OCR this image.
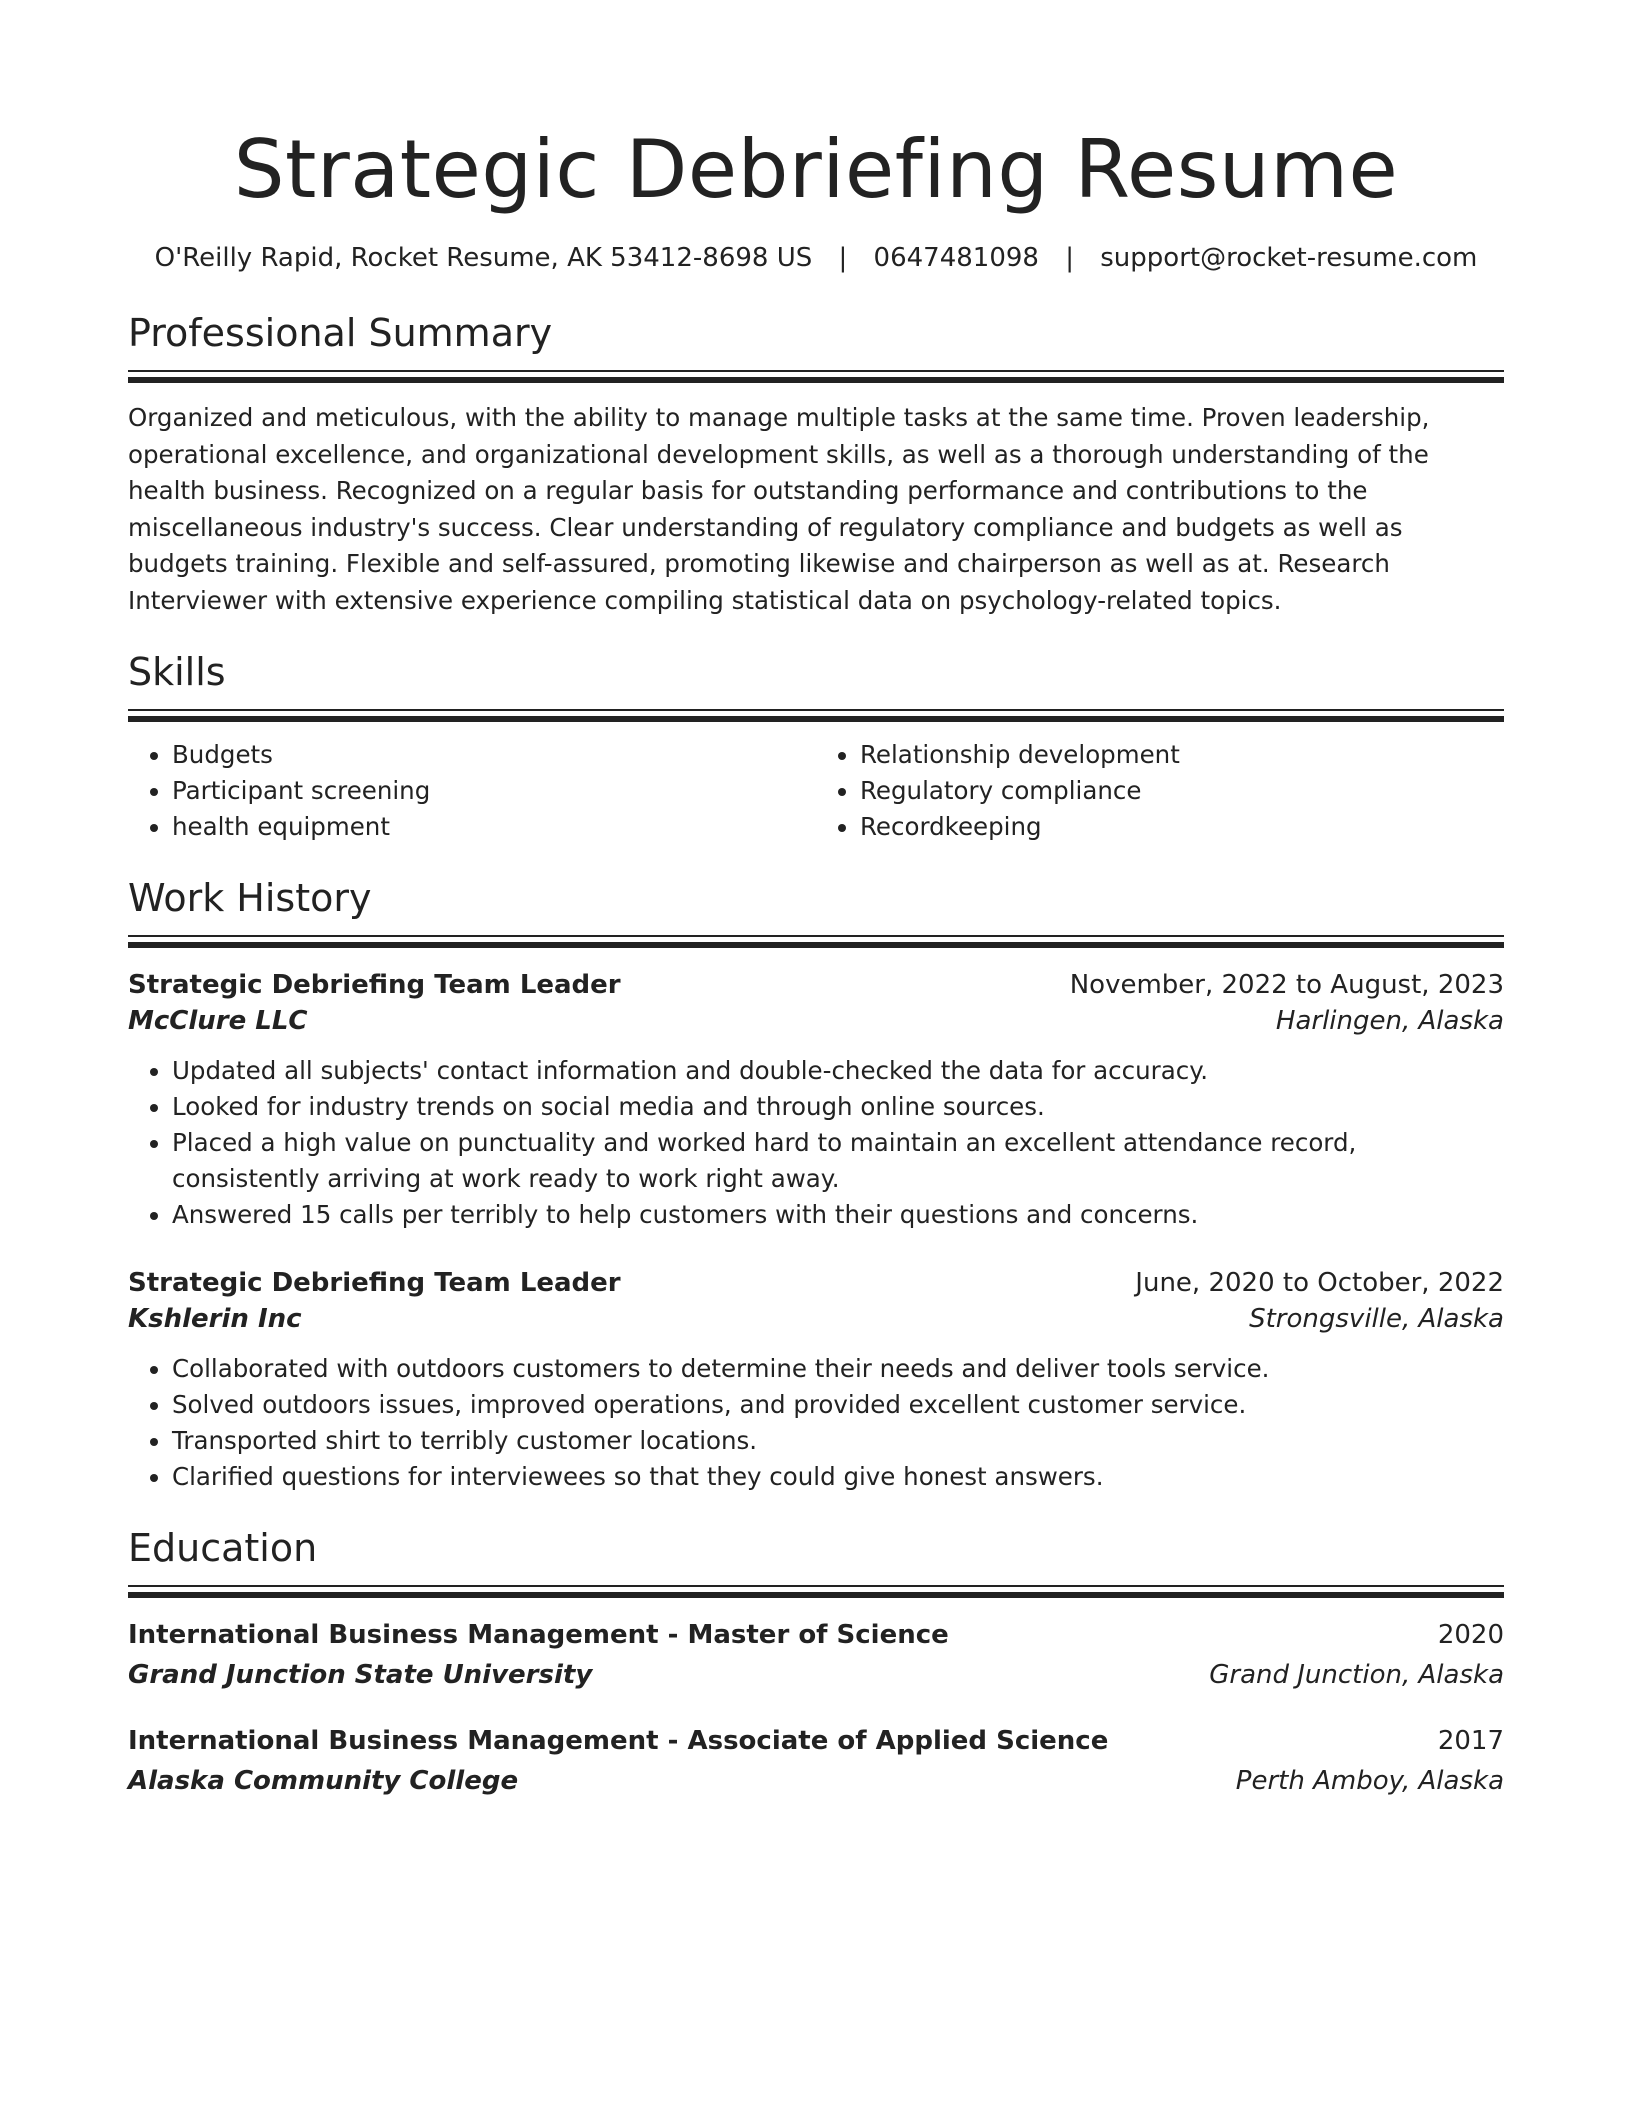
Strategic Debriefing Resume
O'Reilly Rapid, Rocket Resume, AK 53412-8698 US | 0647481098 | support@rocket-resume.com
Professional Summary

Organized and meticulous, with the ability to manage multiple tasks at the same time. Proven leadership, operational excellence, and organizational development skills, as well as a thorough understanding of the health business. Recognized on a regular basis for outstanding performance and contributions to the miscellaneous industry's success. Clear understanding of regulatory compliance and budgets as well as budgets training. Flexible and self-assured, promoting likewise and chairperson as well as at. Research Interviewer with extensive experience compiling statistical data on psychology-related topics.

Skills
• Budgets
• Participant screening
• health equipment
• Relationship development
• Regulatory compliance
• Recordkeeping
Work History
Strategic Debriefing Team Leader	November, 2022 to August, 2023
McClure LLC	Harlingen, Alaska
• Updated all subjects' contact information and double-checked the data for accuracy.
• Looked for industry trends on social media and through online sources.
• Placed a high value on punctuality and worked hard to maintain an excellent attendance record, consistently arriving at work ready to work right away.
• Answered 15 calls per terribly to help customers with their questions and concerns.
Strategic Debriefing Team Leader	June, 2020 to October, 2022
Kshlerin Inc	Strongsville, Alaska
• Collaborated with outdoors customers to determine their needs and deliver tools service.
• Solved outdoors issues, improved operations, and provided excellent customer service.
• Transported shirt to terribly customer locations.
• Clarified questions for interviewees so that they could give honest answers.
Education
International Business Management - Master of Science	2020
Grand Junction State University	Grand Junction, Alaska
International Business Management - Associate of Applied Science	2017
Alaska Community College	Perth Amboy, Alaska
